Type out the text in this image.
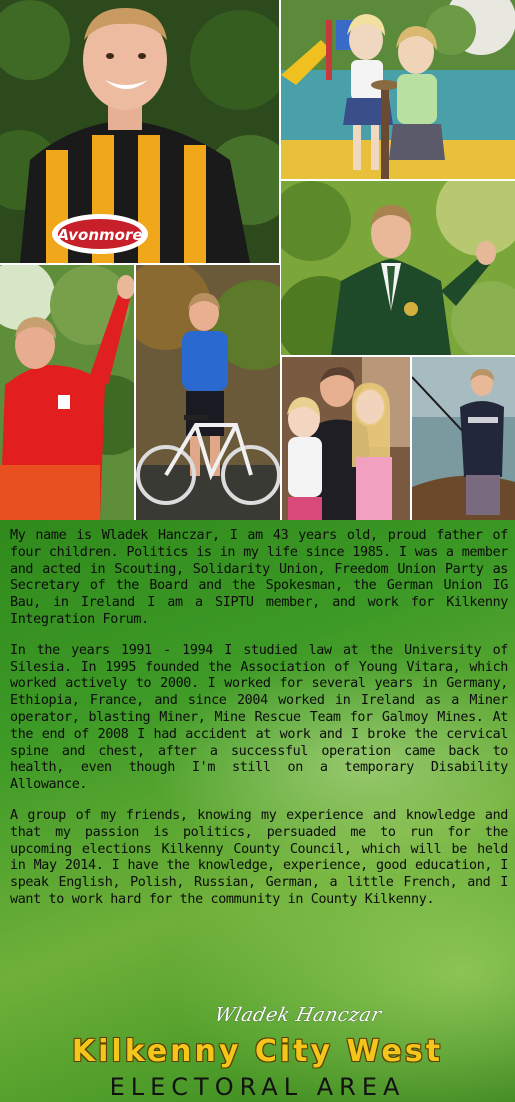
Avonmore

My name is Wladek Hanczar, I am 43 years old, proud father of four children. Politics is in my life since 1985. I was a member and acted in Scouting, Solidarity Union, Freedom Union Party as Secretary of the Board and the Spokesman, the German Union IG Bau, in Ireland I am a SIPTU member, and work for Kilkenny Integration Forum.

In the years 1991 - 1994 I studied law at the University of Silesia. In 1995 founded the Association of Young Vitara, which worked actively to 2000. I worked for several years in Germany, Ethiopia, France, and since 2004 worked in Ireland as a Miner operator, blasting Miner, Mine Rescue Team for Galmoy Mines. At the end of 2008 I had accident at work and I broke the cervical spine and chest, after a successful operation came back to health, even though I'm still on a temporary Disability Allowance.

A group of my friends, knowing my experience and knowledge and that my passion is politics, persuaded me to run for the upcoming elections Kilkenny County Council, which will be held in May 2014. I have the knowledge, experience, good education, I speak English, Polish, Russian, German, a little French, and I want to work hard for the community in County Kilkenny.

Wladek Hanczar
Kilkenny City West
ELECTORAL AREA
